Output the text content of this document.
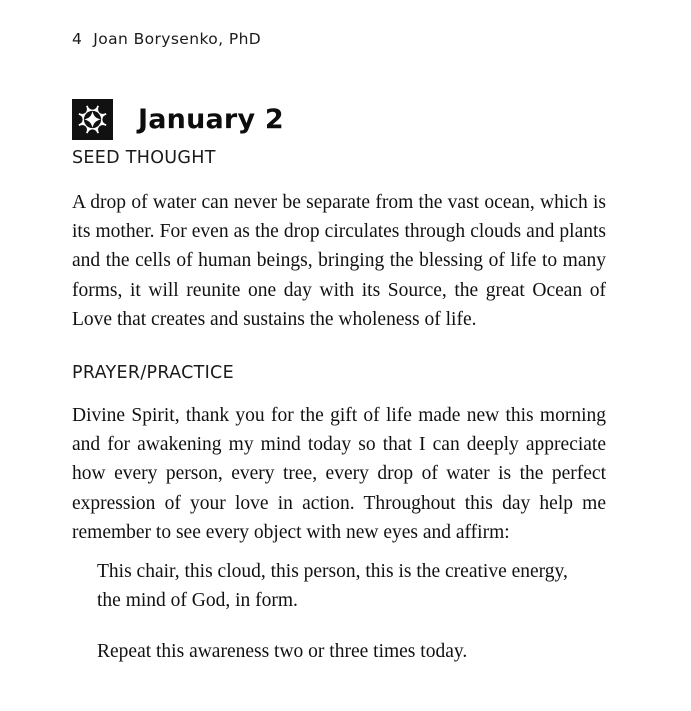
4 Joan Borysenko, PhD
January 2
SEED THOUGHT
A drop of water can never be separate from the vast ocean, which is its mother. For even as the drop circulates through clouds and plants and the cells of human beings, bringing the blessing of life to many forms, it will reunite one day with its Source, the great Ocean of Love that creates and sustains the wholeness of life.
PRAYER/PRACTICE
Divine Spirit, thank you for the gift of life made new this morning and for awakening my mind today so that I can deeply appreciate how every person, every tree, every drop of water is the perfect expression of your love in action. Throughout this day help me remember to see every object with new eyes and affirm:
This chair, this cloud, this person, this is the creative energy, the mind of God, in form.
Repeat this awareness two or three times today.
